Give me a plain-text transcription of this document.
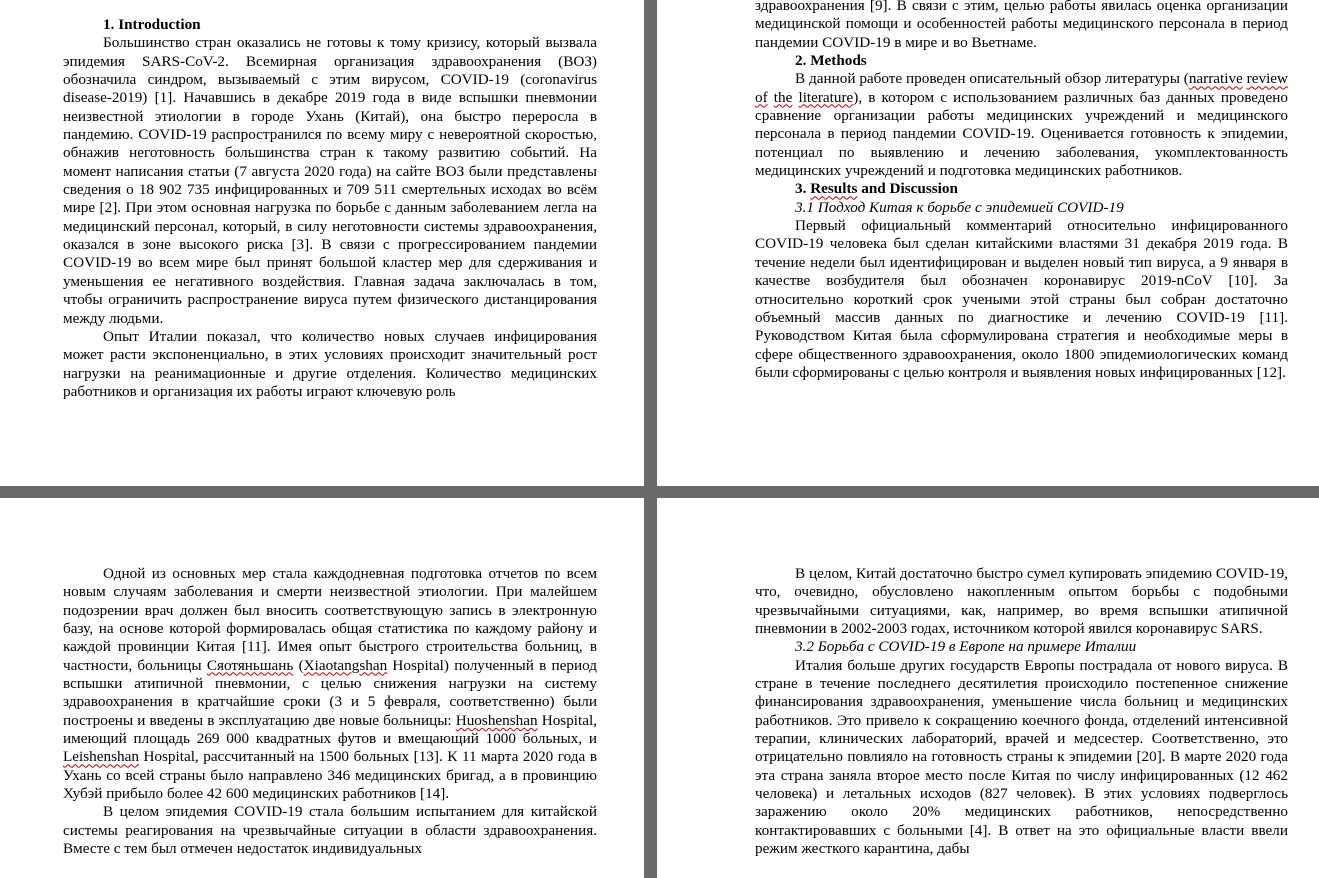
1. Introduction

Большинство стран оказались не готовы к тому кризису, который вызвала эпидемия SARS-CoV-2. Всемирная организация здравоохранения (ВОЗ) обозначила синдром, вызываемый с этим вирусом, COVID-19 (coronavirus disease-2019) [1]. Начавшись в декабре 2019 года в виде вспышки пневмонии неизвестной этиологии в городе Ухань (Китай), она быстро переросла в пандемию. COVID-19 распространился по всему миру с невероятной скоростью, обнажив неготовность большинства стран к такому развитию событий. На момент написания статьи (7 августа 2020 года) на сайте ВОЗ были представлены сведения о 18 902 735 инфицированных и 709 511 смертельных исходах во всём мире [2]. При этом основная нагрузка по борьбе с данным заболеванием легла на медицинский персонал, который, в силу неготовности системы здравоохранения, оказался в зоне высокого риска [3]. В связи с прогрессированием пандемии COVID-19 во всем мире был принят большой кластер мер для сдерживания и уменьшения ее негативного воздействия. Главная задача заключалась в том, чтобы ограничить распространение вируса путем физического дистанцирования между людьми.

Опыт Италии показал, что количество новых случаев инфицирования может расти экспоненциально, в этих условиях происходит значительный рост нагрузки на реанимационные и другие отделения. Количество медицинских работников и организация их работы играют ключевую роль

здравоохранения [9]. В связи с этим, целью работы явилась оценка организации медицинской помощи и особенностей работы медицинского персонала в период пандемии COVID-19 в мире и во Вьетнаме.

2. Methods

В данной работе проведен описательный обзор литературы (narrative review of the literature), в котором с использованием различных баз данных проведено сравнение организации работы медицинских учреждений и медицинского персонала в период пандемии COVID-19. Оценивается готовность к эпидемии, потенциал по выявлению и лечению заболевания, укомплектованность медицинских учреждений и подготовка медицинских работников.

3. Results and Discussion
3.1 Подход Китая к борьбе с эпидемией COVID-19

Первый официальный комментарий относительно инфицированного COVID-19 человека был сделан китайскими властями 31 декабря 2019 года. В течение недели был идентифицирован и выделен новый тип вируса, а 9 января в качестве возбудителя был обозначен коронавирус 2019-nCoV [10]. За относительно короткий срок учеными этой страны был собран достаточно объемный массив данных по диагностике и лечению COVID-19 [11]. Руководством Китая была сформулирована стратегия и необходимые меры в сфере общественного здравоохранения, около 1800 эпидемиологических команд были сформированы с целью контроля и выявления новых инфицированных [12].

Одной из основных мер стала каждодневная подготовка отчетов по всем новым случаям заболевания и смерти неизвестной этиологии. При малейшем подозрении врач должен был вносить соответствующую запись в электронную базу, на основе которой формировалась общая статистика по каждому району и каждой провинции Китая [11]. Имея опыт быстрого строительства больниц, в частности, больницы Сяотяньшань (Xiaotangshan Hospital) полученный в период вспышки атипичной пневмонии, с целью снижения нагрузки на систему здравоохранения в кратчайшие сроки (3 и 5 февраля, соответственно) были построены и введены в эксплуатацию две новые больницы: Huoshenshan Hospital, имеющий площадь 269 000 квадратных футов и вмещающий 1000 больных, и Leishenshan Hospital, рассчитанный на 1500 больных [13]. К 11 марта 2020 года в Ухань со всей страны было направлено 346 медицинских бригад, а в провинцию Хубэй прибыло более 42 600 медицинских работников [14].

В целом эпидемия COVID-19 стала большим испытанием для китайской системы реагирования на чрезвычайные ситуации в области здравоохранения. Вместе с тем был отмечен недостаток индивидуальных

В целом, Китай достаточно быстро сумел купировать эпидемию COVID-19, что, очевидно, обусловлено накопленным опытом борьбы с подобными чрезвычайными ситуациями, как, например, во время вспышки атипичной пневмонии в 2002-2003 годах, источником которой явился коронавирус SARS.

3.2 Борьба с COVID-19 в Европе на примере Италии

Италия больше других государств Европы пострадала от нового вируса. В стране в течение последнего десятилетия происходило постепенное снижение финансирования здравоохранения, уменьшение числа больниц и медицинских работников. Это привело к сокращению коечного фонда, отделений интенсивной терапии, клинических лабораторий, врачей и медсестер. Соответственно, это отрицательно повлияло на готовность страны к эпидемии [20]. В марте 2020 года эта страна заняла второе место после Китая по числу инфицированных (12 462 человека) и летальных исходов (827 человек). В этих условиях подверглось заражению около 20% медицинских работников, непосредственно контактировавших с больными [4]. В ответ на это официальные власти ввели режим жесткого карантина, дабы
